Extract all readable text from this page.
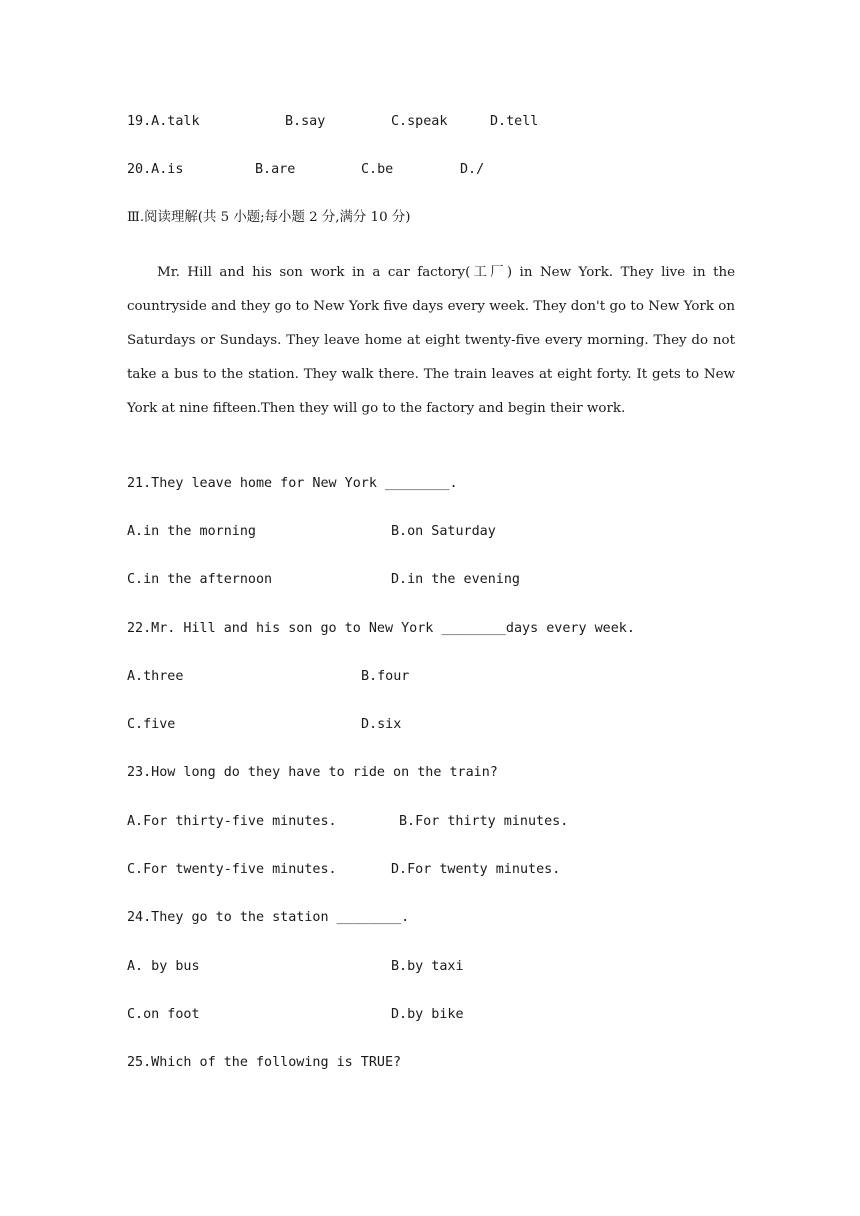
19.A.talk	B.say	C.speak	D.tell
20.A.is	B.are	C.be	D./
Ⅲ.阅读理解(共 5 小题;每小题 2 分,满分 10 分)

Mr. Hill and his son work in a car factory(工厂) in New York. They live in the countryside and they go to New York five days every week. They don't go to New York on Saturdays or Sundays. They leave home at eight twenty-five every morning. They do not take a bus to the station. They walk there. The train leaves at eight forty. It gets to New York at nine fifteen.Then they will go to the factory and begin their work.

21.They leave home for New York ________.
A.in the morning	B.on Saturday
C.in the afternoon	D.in the evening
22.Mr. Hill and his son go to New York ________days every week.
A.three	B.four
C.five	D.six
23.How long do they have to ride on the train?
A.For thirty-five minutes.	B.For thirty minutes.
C.For twenty-five minutes.	D.For twenty minutes.
24.They go to the station ________.
A. by bus	B.by taxi
C.on foot	D.by bike
25.Which of the following is TRUE?
